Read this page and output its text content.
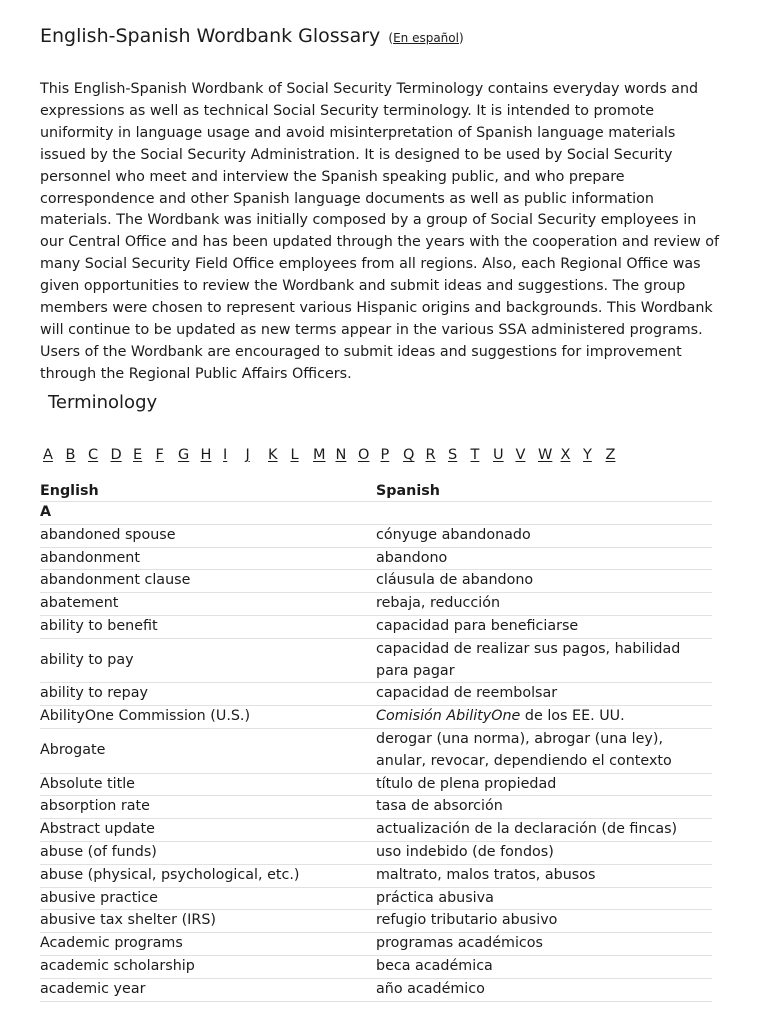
English-Spanish Wordbank Glossary (En español)

This English-Spanish Wordbank of Social Security Terminology contains everyday words and expressions as well as technical Social Security terminology. It is intended to promote uniformity in language usage and avoid misinterpretation of Spanish language materials issued by the Social Security Administration. It is designed to be used by Social Security personnel who meet and interview the Spanish speaking public, and who prepare correspondence and other Spanish language documents as well as public information materials. The Wordbank was initially composed by a group of Social Security employees in our Central Office and has been updated through the years with the cooperation and review of many Social Security Field Office employees from all regions. Also, each Regional Office was given opportunities to review the Wordbank and submit ideas and suggestions. The group members were chosen to represent various Hispanic origins and backgrounds. This Wordbank will continue to be updated as new terms appear in the various SSA administered programs. Users of the Wordbank are encouraged to submit ideas and suggestions for improvement through the Regional Public Affairs Officers.

Terminology
A B C D E F G H I J K L M N O P Q R S T U V W X Y Z
English	Spanish
A	
abandoned spouse	cónyuge abandonado
abandonment	abandono
abandonment clause	cláusula de abandono
abatement	rebaja, reducción
ability to benefit	capacidad para beneficiarse
ability to pay	capacidad de realizar sus pagos, habilidad para pagar
ability to repay	capacidad de reembolsar
AbilityOne Commission (U.S.)	Comisión AbilityOne de los EE. UU.
Abrogate	derogar (una norma), abrogar (una ley), anular, revocar, dependiendo el contexto
Absolute title	título de plena propiedad
absorption rate	tasa de absorción
Abstract update	actualización de la declaración (de fincas)
abuse (of funds)	uso indebido (de fondos)
abuse (physical, psychological, etc.)	maltrato, malos tratos, abusos
abusive practice	práctica abusiva
abusive tax shelter (IRS)	refugio tributario abusivo
Academic programs	programas académicos
academic scholarship	beca académica
academic year	año académico
